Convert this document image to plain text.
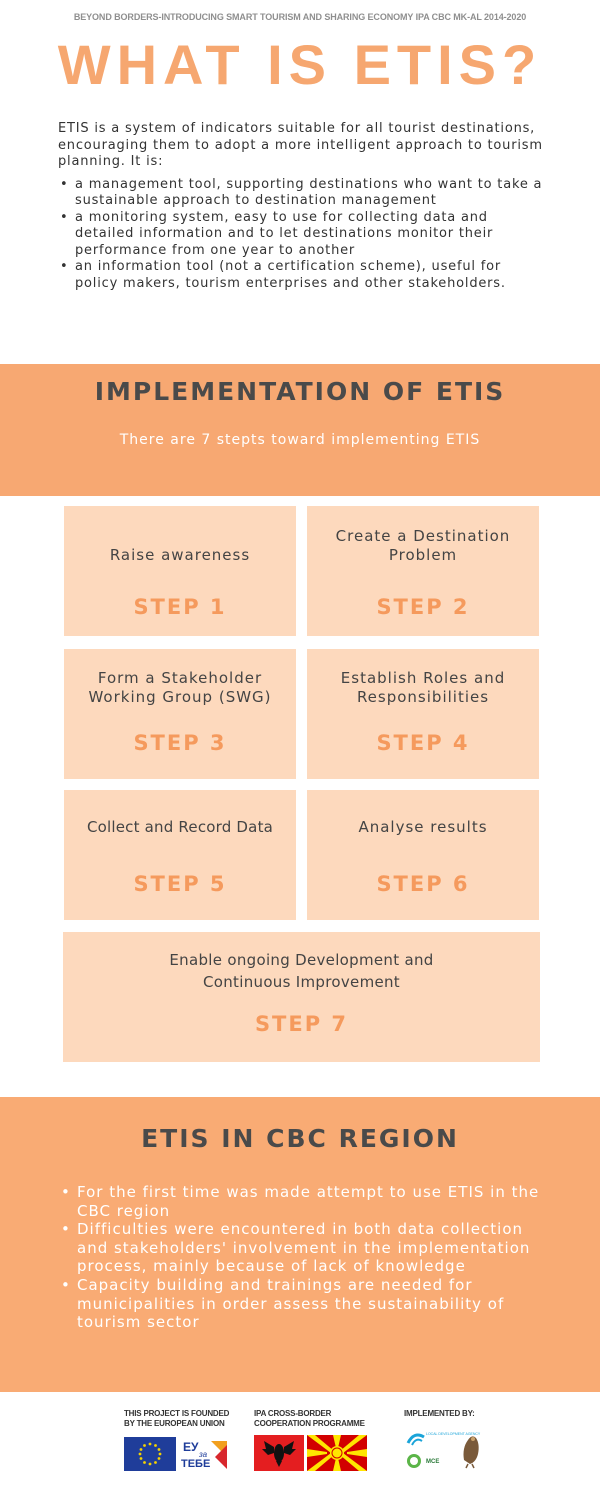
BEYOND BORDERS-INTRODUCING SMART TOURISM AND SHARING ECONOMY IPA CBC MK-AL 2014-2020
WHAT IS ETIS?

ETIS is a system of indicators suitable for all tourist destinations, encouraging them to adopt a more intelligent approach to tourism planning. It is:

• a management tool, supporting destinations who want to take a sustainable approach to destination management
• a monitoring system, easy to use for collecting data and detailed information and to let destinations monitor their performance from one year to another
• an information tool (not a certification scheme), useful for policy makers, tourism enterprises and other stakeholders.
IMPLEMENTATION OF ETIS
There are 7 stepts toward implementing ETIS
Raise awareness
STEP 1
Create a Destination
Problem
STEP 2
Form a Stakeholder
Working Group (SWG)
STEP 3
Establish Roles and
Responsibilities
STEP 4
Collect and Record Data
STEP 5
Analyse results
STEP 6
Enable ongoing Development and
Continuous Improvement
STEP 7
ETIS IN CBC REGION
• For the first time was made attempt to use ETIS in the CBC region
• Difficulties were encountered in both data collection and stakeholders' involvement in the implementation process, mainly because of lack of knowledge
• Capacity building and trainings are needed for municipalities in order assess the sustainability of tourism sector
THIS PROJECT IS FOUNDED
BY THE EUROPEAN UNION
IPA CROSS-BORDER
COOPERATION PROGRAMME
IMPLEMENTED BY:
ЕУ
за
ТЕБЕ
LOCAL DEVELOPMENT AGENCY
МСЕ
